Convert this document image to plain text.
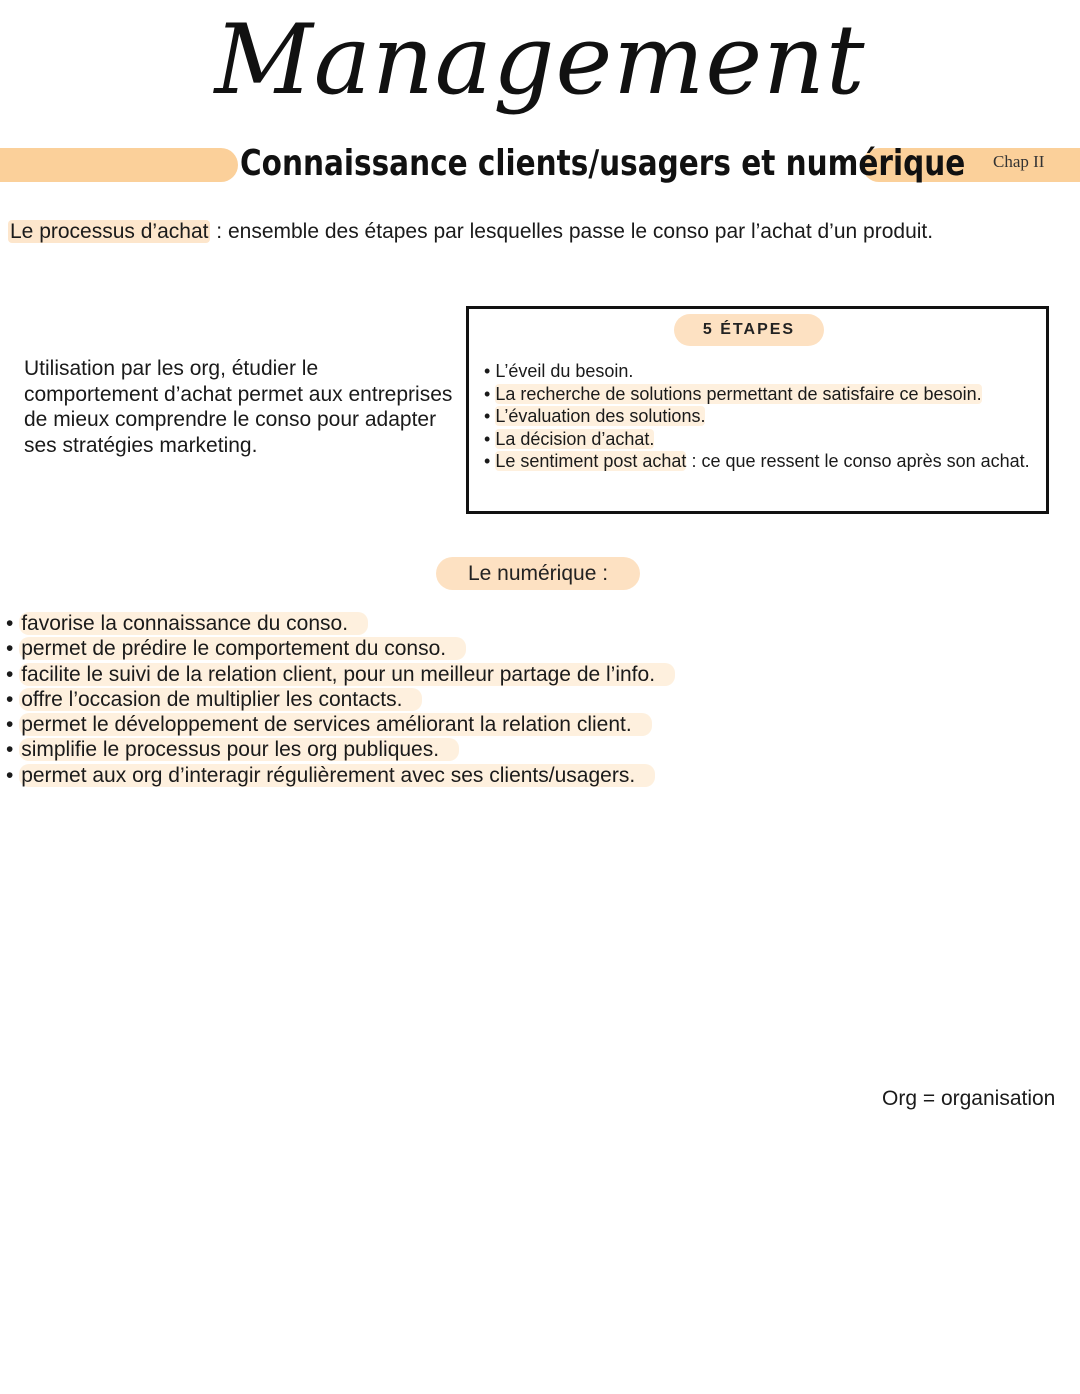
Management
Connaissance clients/usagers et numérique Chap II
Le processus d’achat : ensemble des étapes par lesquelles passe le conso par l’achat d’un produit.
Utilisation par les org, étudier le comportement d’achat permet aux entreprises de mieux comprendre le conso pour adapter ses stratégies marketing.
5 ÉTAPES
• L’éveil du besoin.
• La recherche de solutions permettant de satisfaire ce besoin.
• L’évaluation des solutions.
• La décision d’achat.
• Le sentiment post achat : ce que ressent le conso après son achat.
Le numérique :
• favorise la connaissance du conso.
• permet de prédire le comportement du conso.
• facilite le suivi de la relation client, pour un meilleur partage de l’info.
• offre l’occasion de multiplier les contacts.
• permet le développement de services améliorant la relation client.
• simplifie le processus pour les org publiques.
• permet aux org d’interagir régulièrement avec ses clients/usagers.
Org = organisation
